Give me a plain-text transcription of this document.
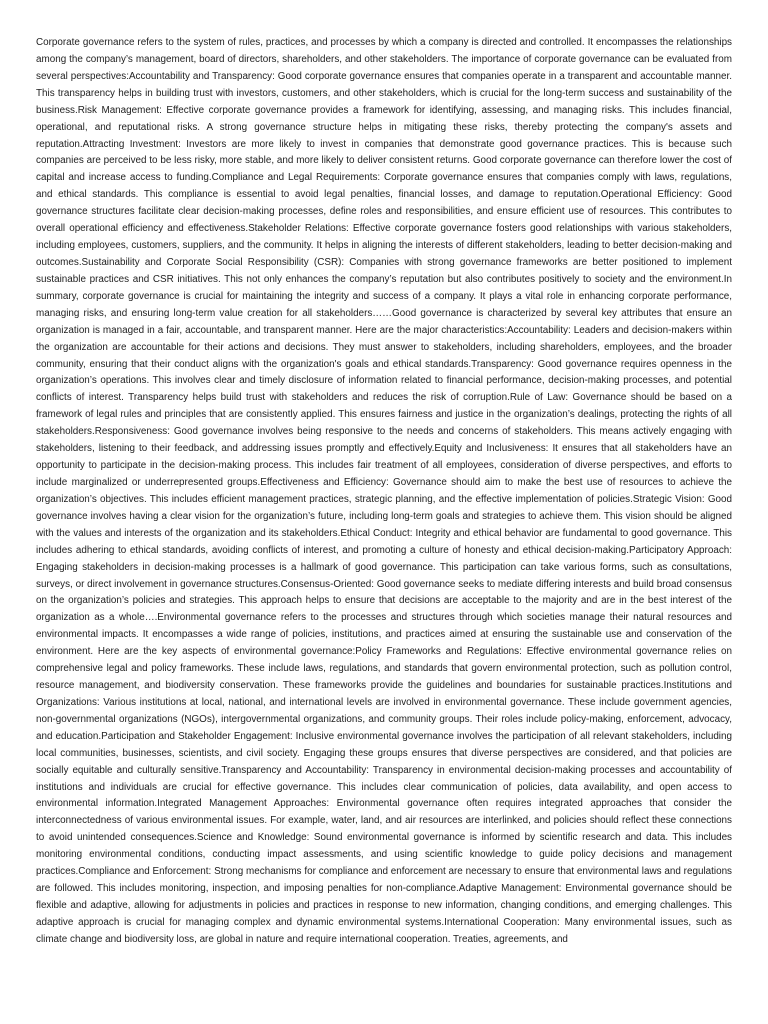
Corporate governance refers to the system of rules, practices, and processes by which a company is directed and controlled. It encompasses the relationships among the company’s management, board of directors, shareholders, and other stakeholders. The importance of corporate governance can be evaluated from several perspectives:Accountability and Transparency: Good corporate governance ensures that companies operate in a transparent and accountable manner. This transparency helps in building trust with investors, customers, and other stakeholders, which is crucial for the long-term success and sustainability of the business.Risk Management: Effective corporate governance provides a framework for identifying, assessing, and managing risks. This includes financial, operational, and reputational risks. A strong governance structure helps in mitigating these risks, thereby protecting the company's assets and reputation.Attracting Investment: Investors are more likely to invest in companies that demonstrate good governance practices. This is because such companies are perceived to be less risky, more stable, and more likely to deliver consistent returns. Good corporate governance can therefore lower the cost of capital and increase access to funding.Compliance and Legal Requirements: Corporate governance ensures that companies comply with laws, regulations, and ethical standards. This compliance is essential to avoid legal penalties, financial losses, and damage to reputation.Operational Efficiency: Good governance structures facilitate clear decision-making processes, define roles and responsibilities, and ensure efficient use of resources. This contributes to overall operational efficiency and effectiveness.Stakeholder Relations: Effective corporate governance fosters good relationships with various stakeholders, including employees, customers, suppliers, and the community. It helps in aligning the interests of different stakeholders, leading to better decision-making and outcomes.Sustainability and Corporate Social Responsibility (CSR): Companies with strong governance frameworks are better positioned to implement sustainable practices and CSR initiatives. This not only enhances the company’s reputation but also contributes positively to society and the environment.In summary, corporate governance is crucial for maintaining the integrity and success of a company. It plays a vital role in enhancing corporate performance, managing risks, and ensuring long-term value creation for all stakeholders……Good governance is characterized by several key attributes that ensure an organization is managed in a fair, accountable, and transparent manner. Here are the major characteristics:Accountability: Leaders and decision-makers within the organization are accountable for their actions and decisions. They must answer to stakeholders, including shareholders, employees, and the broader community, ensuring that their conduct aligns with the organization's goals and ethical standards.Transparency: Good governance requires openness in the organization’s operations. This involves clear and timely disclosure of information related to financial performance, decision-making processes, and potential conflicts of interest. Transparency helps build trust with stakeholders and reduces the risk of corruption.Rule of Law: Governance should be based on a framework of legal rules and principles that are consistently applied. This ensures fairness and justice in the organization’s dealings, protecting the rights of all stakeholders.Responsiveness: Good governance involves being responsive to the needs and concerns of stakeholders. This means actively engaging with stakeholders, listening to their feedback, and addressing issues promptly and effectively.Equity and Inclusiveness: It ensures that all stakeholders have an opportunity to participate in the decision-making process. This includes fair treatment of all employees, consideration of diverse perspectives, and efforts to include marginalized or underrepresented groups.Effectiveness and Efficiency: Governance should aim to make the best use of resources to achieve the organization’s objectives. This includes efficient management practices, strategic planning, and the effective implementation of policies.Strategic Vision: Good governance involves having a clear vision for the organization’s future, including long-term goals and strategies to achieve them. This vision should be aligned with the values and interests of the organization and its stakeholders.Ethical Conduct: Integrity and ethical behavior are fundamental to good governance. This includes adhering to ethical standards, avoiding conflicts of interest, and promoting a culture of honesty and ethical decision-making.Participatory Approach: Engaging stakeholders in decision-making processes is a hallmark of good governance. This participation can take various forms, such as consultations, surveys, or direct involvement in governance structures.Consensus-Oriented: Good governance seeks to mediate differing interests and build broad consensus on the organization’s policies and strategies. This approach helps to ensure that decisions are acceptable to the majority and are in the best interest of the organization as a whole….Environmental governance refers to the processes and structures through which societies manage their natural resources and environmental impacts. It encompasses a wide range of policies, institutions, and practices aimed at ensuring the sustainable use and conservation of the environment. Here are the key aspects of environmental governance:Policy Frameworks and Regulations: Effective environmental governance relies on comprehensive legal and policy frameworks. These include laws, regulations, and standards that govern environmental protection, such as pollution control, resource management, and biodiversity conservation. These frameworks provide the guidelines and boundaries for sustainable practices.Institutions and Organizations: Various institutions at local, national, and international levels are involved in environmental governance. These include government agencies, non-governmental organizations (NGOs), intergovernmental organizations, and community groups. Their roles include policy-making, enforcement, advocacy, and education.Participation and Stakeholder Engagement: Inclusive environmental governance involves the participation of all relevant stakeholders, including local communities, businesses, scientists, and civil society. Engaging these groups ensures that diverse perspectives are considered, and that policies are socially equitable and culturally sensitive.Transparency and Accountability: Transparency in environmental decision-making processes and accountability of institutions and individuals are crucial for effective governance. This includes clear communication of policies, data availability, and open access to environmental information.Integrated Management Approaches: Environmental governance often requires integrated approaches that consider the interconnectedness of various environmental issues. For example, water, land, and air resources are interlinked, and policies should reflect these connections to avoid unintended consequences.Science and Knowledge: Sound environmental governance is informed by scientific research and data. This includes monitoring environmental conditions, conducting impact assessments, and using scientific knowledge to guide policy decisions and management practices.Compliance and Enforcement: Strong mechanisms for compliance and enforcement are necessary to ensure that environmental laws and regulations are followed. This includes monitoring, inspection, and imposing penalties for non-compliance.Adaptive Management: Environmental governance should be flexible and adaptive, allowing for adjustments in policies and practices in response to new information, changing conditions, and emerging challenges. This adaptive approach is crucial for managing complex and dynamic environmental systems.International Cooperation: Many environmental issues, such as climate change and biodiversity loss, are global in nature and require international cooperation. Treaties, agreements, and
